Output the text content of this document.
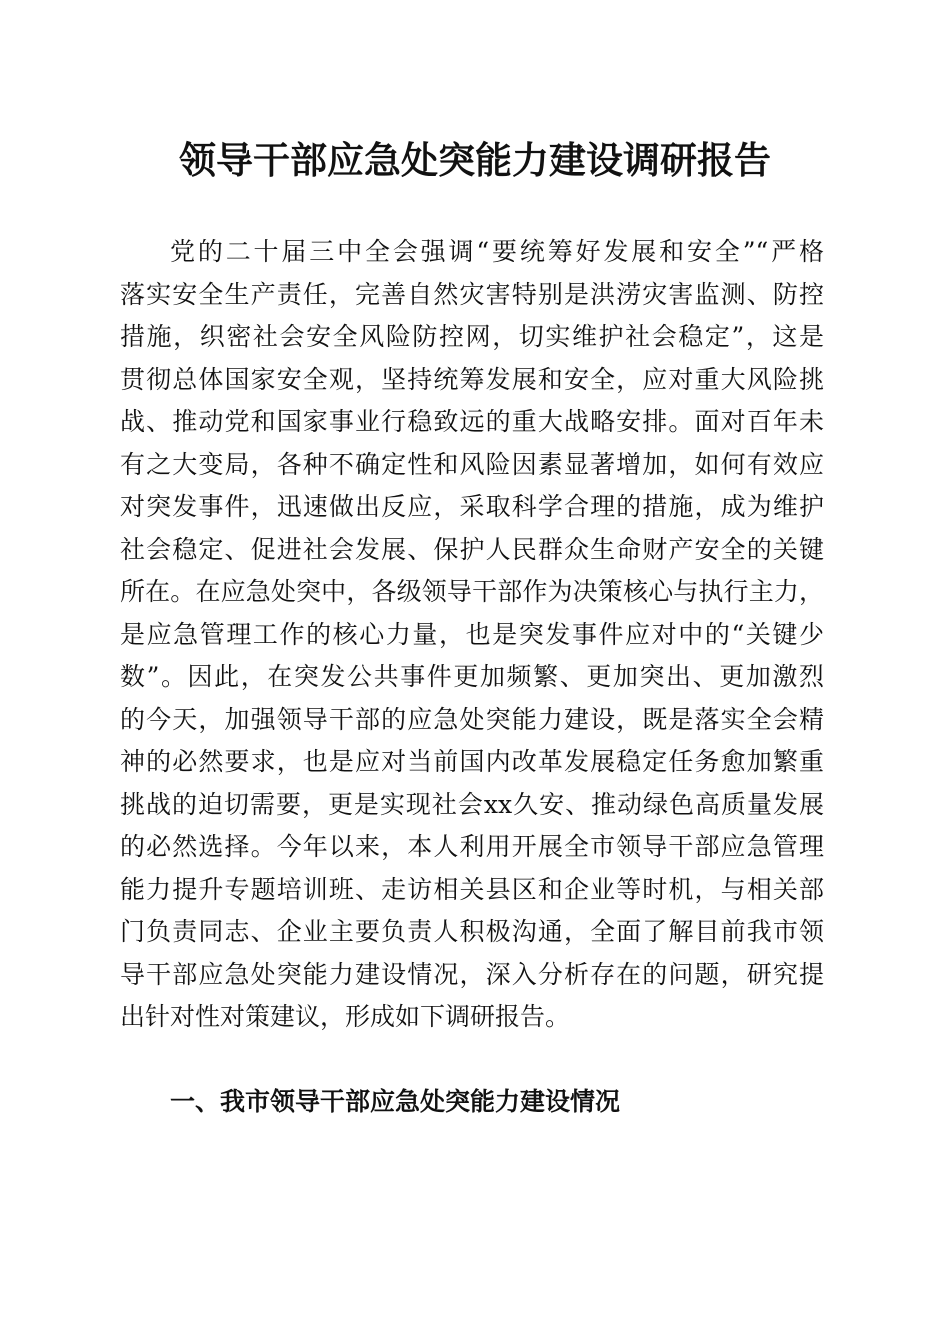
领导干部应急处突能力建设调研报告
党的二十届三中全会强调“要统筹好发展和安全”“严格
落实安全生产责任，完善自然灾害特别是洪涝灾害监测、防控
措施，织密社会安全风险防控网，切实维护社会稳定”，这是
贯彻总体国家安全观，坚持统筹发展和安全，应对重大风险挑
战、推动党和国家事业行稳致远的重大战略安排。面对百年未
有之大变局，各种不确定性和风险因素显著增加，如何有效应
对突发事件，迅速做出反应，采取科学合理的措施，成为维护
社会稳定、促进社会发展、保护人民群众生命财产安全的关键
所在。在应急处突中，各级领导干部作为决策核心与执行主力，
是应急管理工作的核心力量，也是突发事件应对中的“关键少
数”。因此，在突发公共事件更加频繁、更加突出、更加激烈
的今天，加强领导干部的应急处突能力建设，既是落实全会精
神的必然要求，也是应对当前国内改革发展稳定任务愈加繁重
挑战的迫切需要，更是实现社会xx久安、推动绿色高质量发展
的必然选择。今年以来，本人利用开展全市领导干部应急管理
能力提升专题培训班、走访相关县区和企业等时机，与相关部
门负责同志、企业主要负责人积极沟通，全面了解目前我市领
导干部应急处突能力建设情况，深入分析存在的问题，研究提
出针对性对策建议，形成如下调研报告。
一、我市领导干部应急处突能力建设情况
